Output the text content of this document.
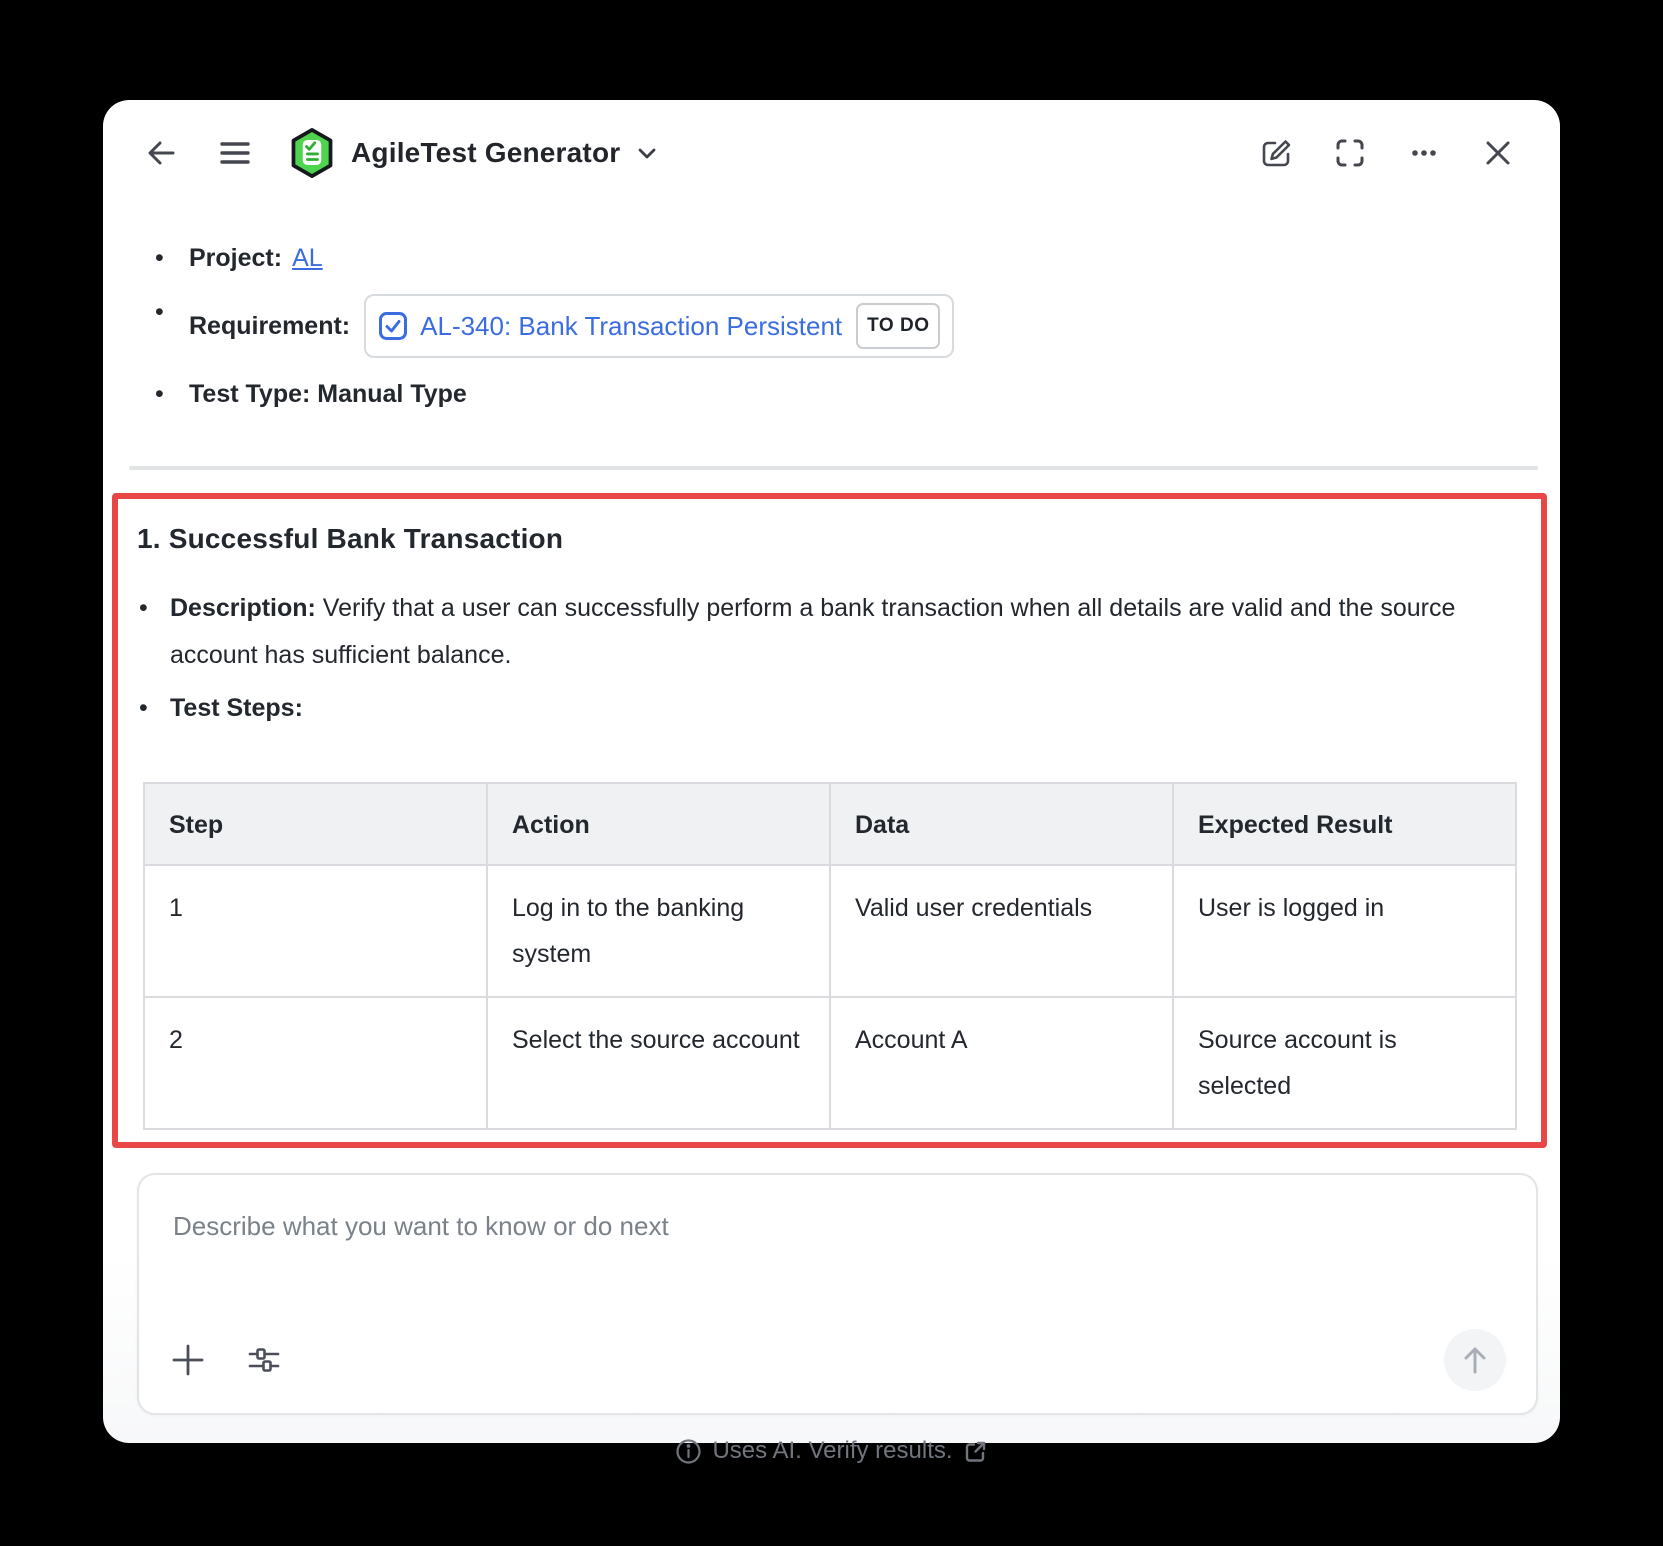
AgileTest Generator
• Project: AL
• Requirement:	AL-340: Bank Transaction Persistent	TO DO
• Test Type: Manual Type
1. Successful Bank Transaction
• Description: Verify that a user can successfully perform a bank transaction when all details are valid and the source account has sufficient balance.
• Test Steps:
Step	Action	Data	Expected Result
1	Log in to the banking system	Valid user credentials	User is logged in
2	Select the source account	Account A	Source account is selected
Describe what you want to know or do next
Uses AI. Verify results.
